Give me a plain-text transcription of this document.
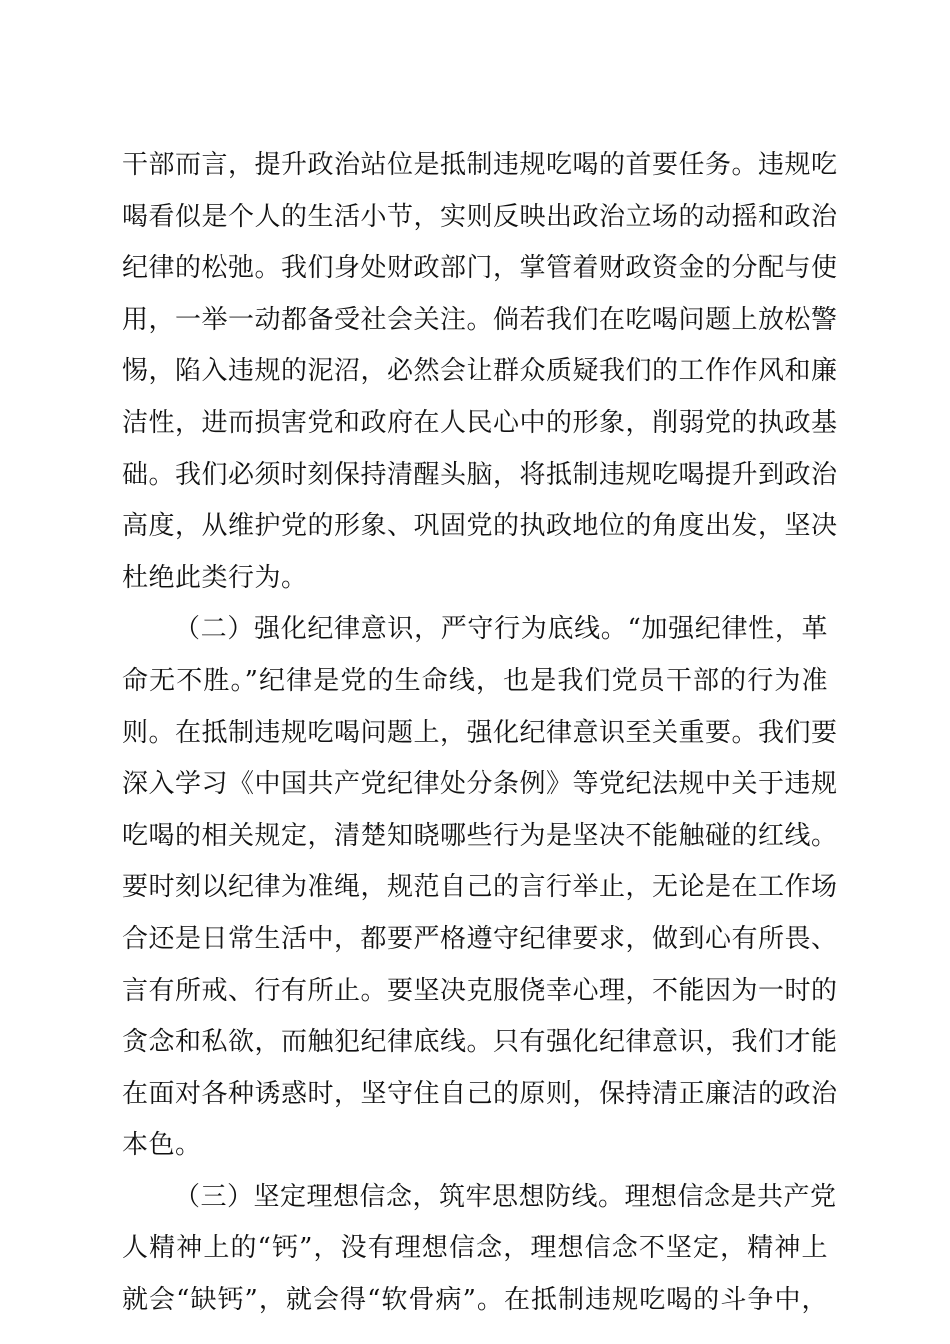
干部而言，提升政治站位是抵制违规吃喝的首要任务。违规吃
喝看似是个人的生活小节，实则反映出政治立场的动摇和政治
纪律的松弛。我们身处财政部门，掌管着财政资金的分配与使
用，一举一动都备受社会关注。倘若我们在吃喝问题上放松警
惕，陷入违规的泥沼，必然会让群众质疑我们的工作作风和廉
洁性，进而损害党和政府在人民心中的形象，削弱党的执政基
础。我们必须时刻保持清醒头脑，将抵制违规吃喝提升到政治
高度，从维护党的形象、巩固党的执政地位的角度出发，坚决
杜绝此类行为。
（二）强化纪律意识，严守行为底线。“加强纪律性，革
命无不胜。”纪律是党的生命线，也是我们党员干部的行为准
则。在抵制违规吃喝问题上，强化纪律意识至关重要。我们要
深入学习《中国共产党纪律处分条例》等党纪法规中关于违规
吃喝的相关规定，清楚知晓哪些行为是坚决不能触碰的红线。
要时刻以纪律为准绳，规范自己的言行举止，无论是在工作场
合还是日常生活中，都要严格遵守纪律要求，做到心有所畏、
言有所戒、行有所止。要坚决克服侥幸心理，不能因为一时的
贪念和私欲，而触犯纪律底线。只有强化纪律意识，我们才能
在面对各种诱惑时，坚守住自己的原则，保持清正廉洁的政治
本色。
（三）坚定理想信念，筑牢思想防线。理想信念是共产党
人精神上的“钙”，没有理想信念，理想信念不坚定，精神上
就会“缺钙”，就会得“软骨病”。在抵制违规吃喝的斗争中，
